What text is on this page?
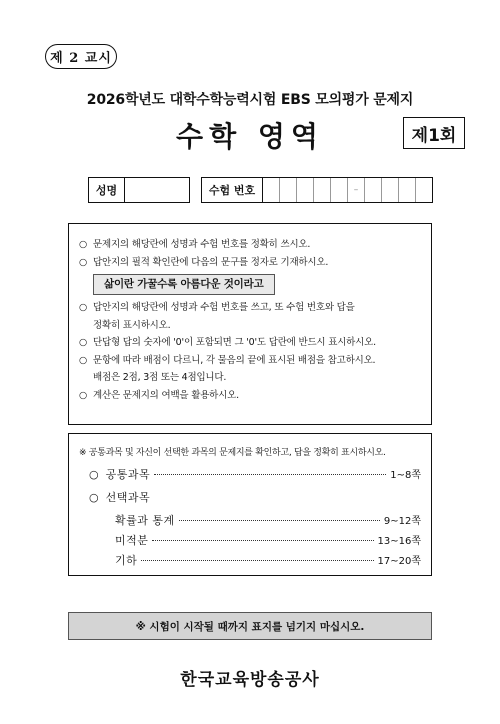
제 2 교시
2026학년도 대학수학능력시험 EBS 모의평가 문제지
수학 영역	제1회
성명	수험 번호	–
○ 문제지의 해당란에 성명과 수험 번호를 정확히 쓰시오.
○ 답안지의 필적 확인란에 다음의 문구를 정자로 기재하시오.
삶이란 가꿀수록 아름다운 것이라고
○ 답안지의 해당란에 성명과 수험 번호를 쓰고, 또 수험 번호와 답을
정확히 표시하시오.
○ 단답형 답의 숫자에 '0'이 포함되면 그 '0'도 답란에 반드시 표시하시오.
○ 문항에 따라 배점이 다르니, 각 물음의 끝에 표시된 배점을 참고하시오.
배점은 2점, 3점 또는 4점입니다.
○ 계산은 문제지의 여백을 활용하시오.
※ 공통과목 및 자신이 선택한 과목의 문제지를 확인하고, 답을 정확히 표시하시오.
○ 공통과목	1~8쪽
○ 선택과목
확률과 통계	9~12쪽
미적분	13~16쪽
기하	17~20쪽
※ 시험이 시작될 때까지 표지를 넘기지 마십시오.
한국교육방송공사
